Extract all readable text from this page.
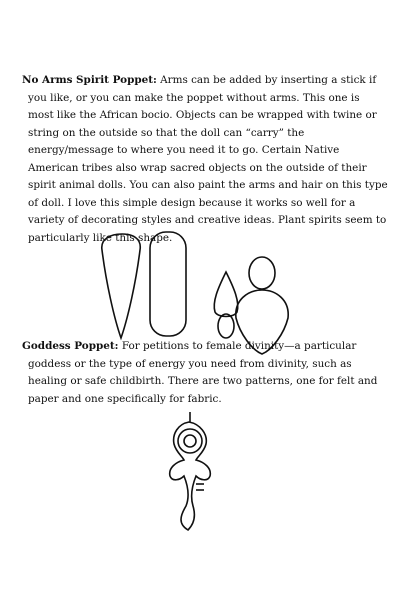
No Arms Spirit Poppet: Arms can be added by inserting a stick if you like, or you can make the poppet without arms. This one is most like the African bocio. Objects can be wrapped with twine or string on the outside so that the doll can “carry” the energy/message to where you need it to go. Certain Native American tribes also wrap sacred objects on the outside of their spirit animal dolls. You can also paint the arms and hair on this type of doll. I love this simple design because it works so well for a variety of decorating styles and creative ideas. Plant spirits seem to particularly like this shape.
Goddess Poppet: For petitions to female divinity—a particular goddess or the type of energy you need from divinity, such as healing or safe childbirth. There are two patterns, one for felt and paper and one specifically for fabric.
